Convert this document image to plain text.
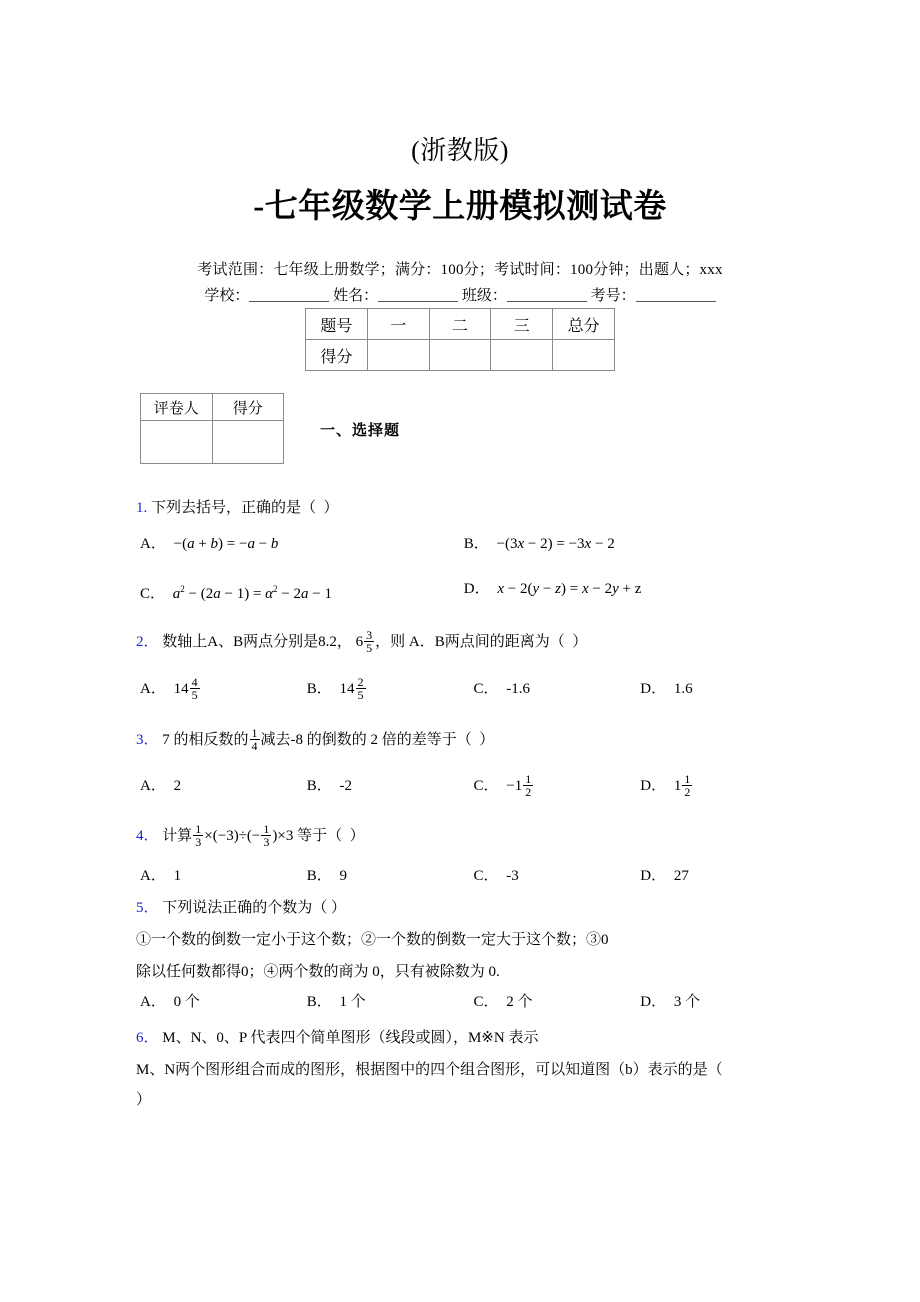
(浙教版)
-七年级数学上册模拟测试卷
考试范围：七年级上册数学；满分：100分；考试时间：100分钟；出题人；xxx
学校：	姓名：	班级：	考号：
题号	一	二	三	总分
得分				
评卷人	得分

一、选择题
1. 下列去括号，正确的是（  ）
A． −(a + b) = −a − b	B． −(3x − 2) = −3x − 2
C． $a^2 - (2a - 1) = \alpha^2 - 2a - 1$	D． x − 2(y − z) = x − 2y + z
2． 数轴上A、B两点分别是8.2， $6 \frac{3}{5}$ ，则 A．B两点间的距离为（  ）
A． $14 \frac{4}{5}$	B． $14 \frac{2}{5}$	C． -1.6	D． 1.6
3． 7 的相反数的 $\frac{1}{4}$ 减去-8 的倒数的 2 倍的差等于（  ）
A． 2	B． -2	C． $-1 \frac{1}{2}$	D． $1 \frac{1}{2}$
4． 计算 $\frac{1}{3} \times(-3)\div(- \frac{1}{3} )\times 3$ 等于（  ）
A． 1	B． 9	C． -3	D． 27
5． 下列说法正确的个数为（ ）
①一个数的倒数一定小于这个数；②一个数的倒数一定大于这个数；③0
除以任何数都得0；④两个数的商为 0，只有被除数为 0.
A． 0 个	B． 1 个	C． 2 个	D． 3 个
6． M、N、0、P 代表四个简单图形（线段或圆），M※N 表示
M、N两个图形组合而成的图形，根据图中的四个组合图形，可以知道图（b）表示的是（
）
